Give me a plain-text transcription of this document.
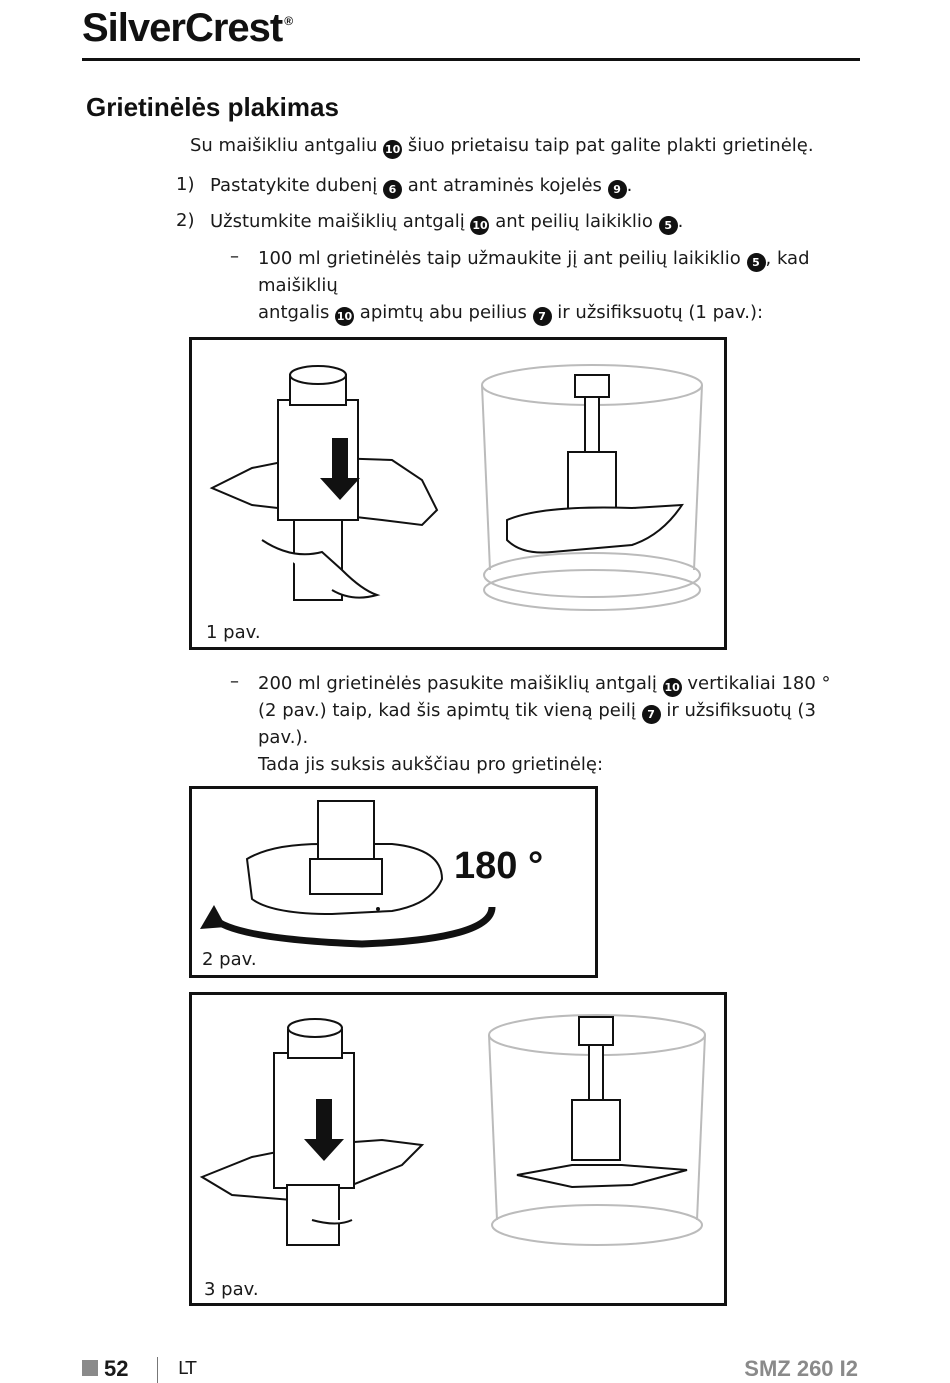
SilverCrest ®
Grietinėlės plakimas
Su maišikliu antgaliu 10 šiuo prietaisu taip pat galite plakti grietinėlę.
1) Pastatykite dubenį 6 ant atraminės kojelės 9 .
2) Užstumkite maišiklių antgalį 10 ant peilių laikiklio 5 .
– 100 ml grietinėlės taip užmaukite jį ant peilių laikiklio 5 , kad maišiklių
antgalis 10 apimtų abu peilius 7 ir užsifiksuotų (1 pav.):
1 pav.
– 200 ml grietinėlės pasukite maišiklių antgalį 10 vertikaliai 180 °
(2 pav.) taip, kad šis apimtų tik vieną peilį 7 ir užsifiksuotų (3 pav.).
Tada jis suksis aukščiau pro grietinėlę:
180 °
2 pav.
3 pav.
52	LT	SMZ 260 I2
